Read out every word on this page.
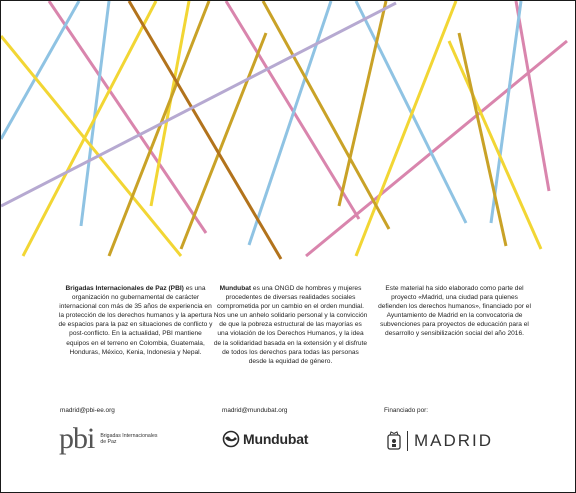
Brigadas Internacionales de Paz (PBI) es una organización no gubernamental de carácter internacional con más de 35 años de experiencia en la protección de los derechos humanos y la apertura de espacios para la paz en situaciones de conflicto y post-conflicto. En la actualidad, PBI mantiene equipos en el terreno en Colombia, Guatemala, Honduras, México, Kenia, Indonesia y Nepal.
Mundubat es una ONGD de hombres y mujeres procedentes de diversas realidades sociales comprometida por un cambio en el orden mundial. Nos une un anhelo solidario personal y la convicción de que la pobreza estructural de las mayorías es una violación de los Derechos Humanos, y la idea de la solidaridad basada en la extensión y el disfrute de todos los derechos para todas las personas desde la equidad de género.
Este material ha sido elaborado como parte del proyecto «Madrid, una ciudad para quienes defienden los derechos humanos», financiado por el Ayuntamiento de Madrid en la convocatoria de subvenciones para proyectos de educación para el desarrollo y sensibilización social del año 2016.
madrid@pbi-ee.org	madrid@mundubat.org	Financiado por:
pbi Brigadas Internacionales de Paz	Mundubat	MADRID
